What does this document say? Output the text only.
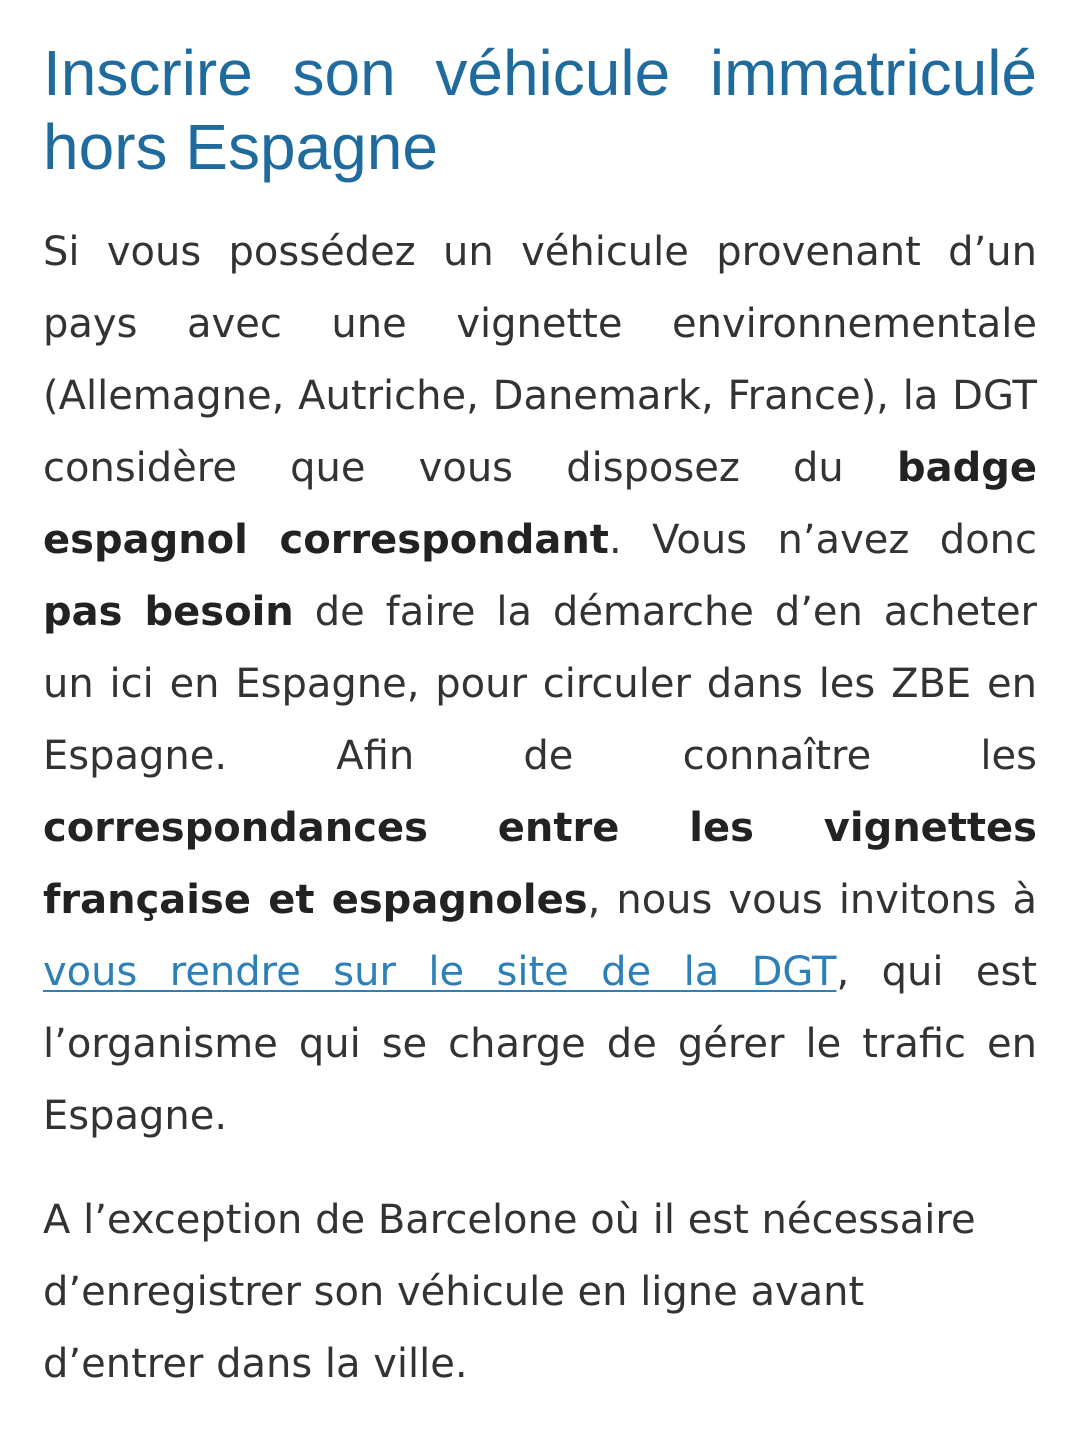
Inscrire son véhicule immatriculé hors Espagne

Si vous possédez un véhicule provenant d’un pays avec une vignette environnementale (Allemagne, Autriche, Danemark, France), la DGT considère que vous disposez du badge espagnol correspondant. Vous n’avez donc pas besoin de faire la démarche d’en acheter un ici en Espagne, pour circuler dans les ZBE en Espagne. Afin de connaître les correspondances entre les vignettes française et espagnoles, nous vous invitons à vous rendre sur le site de la DGT, qui est l’organisme qui se charge de gérer le trafic en Espagne.

A l’exception de Barcelone où il est nécessaire d’enregistrer son véhicule en ligne avant d’entrer dans la ville.
